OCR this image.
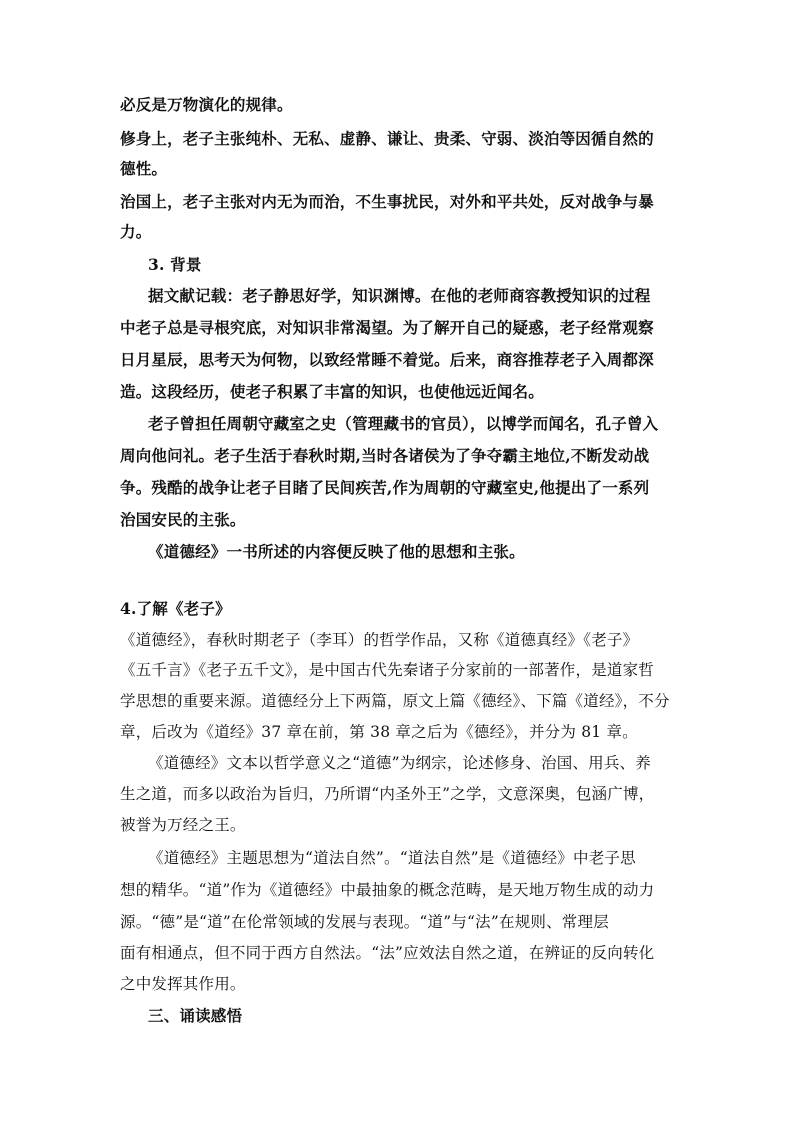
必反是万物演化的规律。
修身上，老子主张纯朴、无私、虚静、谦让、贵柔、守弱、淡泊等因循自然的
德性。
治国上，老子主张对内无为而治，不生事扰民，对外和平共处，反对战争与暴
力。
3. 背景
据文献记载：老子静思好学，知识渊博。在他的老师商容教授知识的过程
中老子总是寻根究底，对知识非常渴望。为了解开自己的疑惑，老子经常观察
日月星辰，思考天为何物，以致经常睡不着觉。后来，商容推荐老子入周都深
造。这段经历，使老子积累了丰富的知识，也使他远近闻名。
老子曾担任周朝守藏室之史（管理藏书的官员），以博学而闻名，孔子曾入
周向他问礼。老子生活于春秋时期,当时各诸侯为了争夺霸主地位,不断发动战
争。残酷的战争让老子目睹了民间疾苦,作为周朝的守藏室史,他提出了一系列
治国安民的主张。
《道德经》一书所述的内容便反映了他的思想和主张。
4.了解《老子》
《道德经》，春秋时期老子（李耳）的哲学作品，又称《道德真经》《老子》
《五千言》《老子五千文》，是中国古代先秦诸子分家前的一部著作，是道家哲
学思想的重要来源。道德经分上下两篇，原文上篇《德经》、下篇《道经》，不分
章，后改为《道经》37 章在前，第 38 章之后为《德经》，并分为 81 章。
《道德经》文本以哲学意义之“道德”为纲宗，论述修身、治国、用兵、养
生之道，而多以政治为旨归，乃所谓“内圣外王”之学，文意深奥，包涵广博，
被誉为万经之王。
《道德经》主题思想为“道法自然”。“道法自然”是《道德经》中老子思
想的精华。“道”作为《道德经》中最抽象的概念范畴，是天地万物生成的动力
源。“德”是“道”在伦常领域的发展与表现。“道”与“法”在规则、常理层
面有相通点，但不同于西方自然法。“法”应效法自然之道，在辨证的反向转化
之中发挥其作用。
三、诵读感悟
